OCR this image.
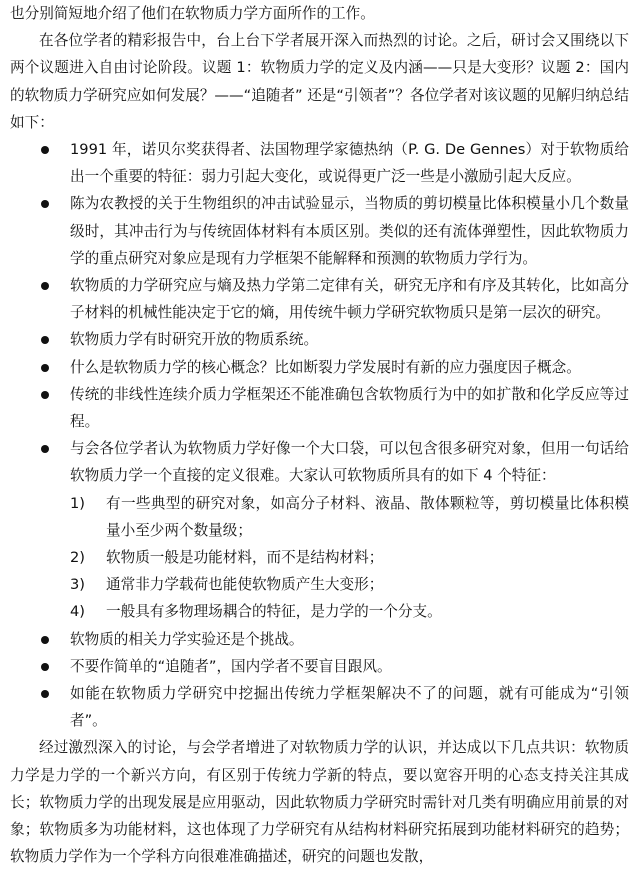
也分别简短地介绍了他们在软物质力学方面所作的工作。

在各位学者的精彩报告中，台上台下学者展开深入而热烈的讨论。之后，研讨会又围绕以下两个议题进入自由讨论阶段。议题 1：软物质力学的定义及内涵——只是大变形？议题 2：国内的软物质力学研究应如何发展？——“追随者” 还是“引领者”？各位学者对该议题的见解归纳总结如下：

1991 年，诺贝尔奖获得者、法国物理学家德热纳（P. G. De Gennes）对于软物质给出一个重要的特征：弱力引起大变化，或说得更广泛一些是小激励引起大反应。
陈为农教授的关于生物组织的冲击试验显示，当物质的剪切模量比体积模量小几个数量级时，其冲击行为与传统固体材料有本质区别。类似的还有流体弹塑性，因此软物质力学的重点研究对象应是现有力学框架不能解释和预测的软物质力学行为。
软物质的力学研究应与熵及热力学第二定律有关，研究无序和有序及其转化，比如高分子材料的机械性能决定于它的熵，用传统牛顿力学研究软物质只是第一层次的研究。
软物质力学有时研究开放的物质系统。
什么是软物质力学的核心概念？比如断裂力学发展时有新的应力强度因子概念。
传统的非线性连续介质力学框架还不能准确包含软物质行为中的如扩散和化学反应等过程。
与会各位学者认为软物质力学好像一个大口袋，可以包含很多研究对象，但用一句话给软物质力学一个直接的定义很难。大家认可软物质所具有的如下 4 个特征：
1) 有一些典型的研究对象，如高分子材料、液晶、散体颗粒等，剪切模量比体积模量小至少两个数量级；
2) 软物质一般是功能材料，而不是结构材料；
3) 通常非力学载荷也能使软物质产生大变形；
4) 一般具有多物理场耦合的特征，是力学的一个分支。
软物质的相关力学实验还是个挑战。
不要作简单的“追随者”，国内学者不要盲目跟风。
如能在软物质力学研究中挖掘出传统力学框架解决不了的问题，就有可能成为“引领者”。

经过激烈深入的讨论，与会学者增进了对软物质力学的认识，并达成以下几点共识：软物质力学是力学的一个新兴方向，有区别于传统力学新的特点，要以宽容开明的心态支持关注其成长；软物质力学的出现发展是应用驱动，因此软物质力学研究时需针对几类有明确应用前景的对象；软物质多为功能材料，这也体现了力学研究有从结构材料研究拓展到功能材料研究的趋势；软物质力学作为一个学科方向很难准确描述，研究的问题也发散，
